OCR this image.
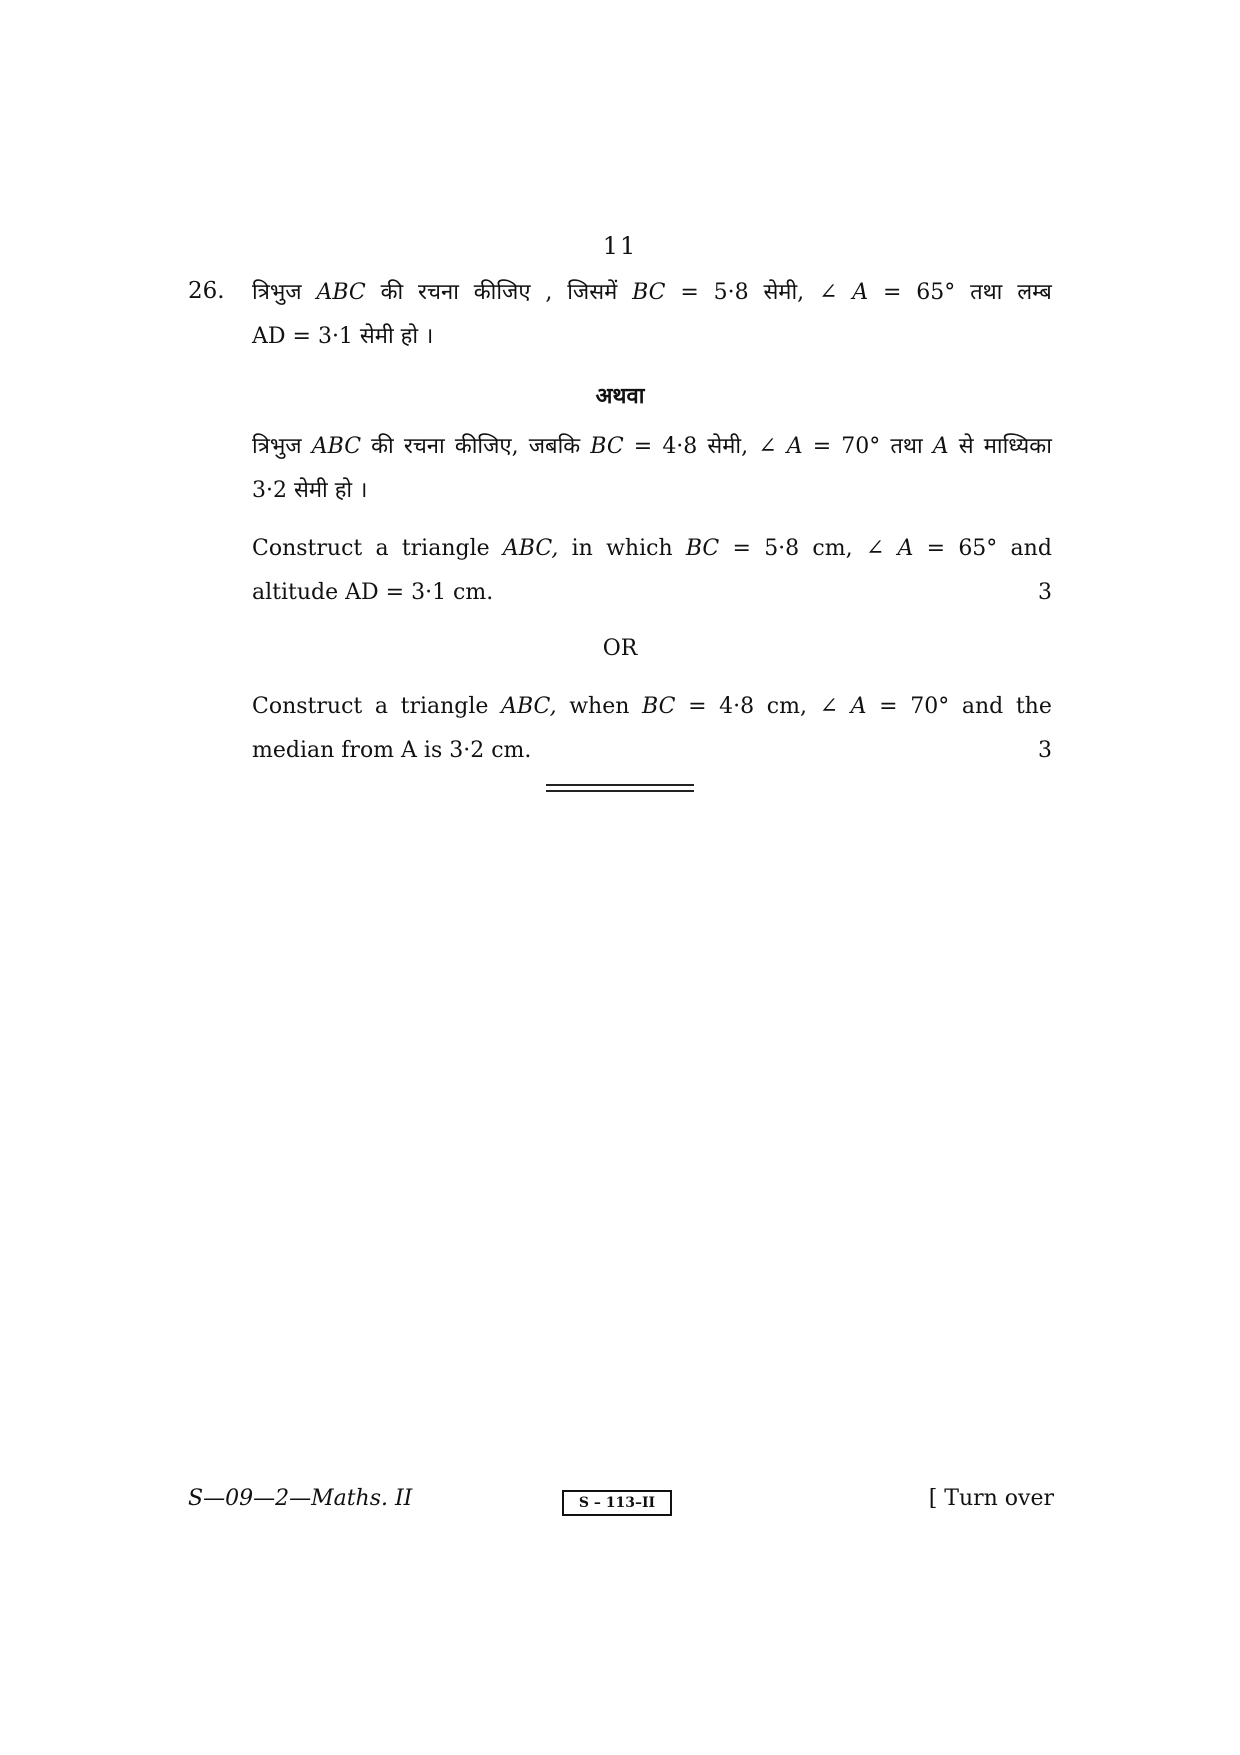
11
26. त्रिभुज ABC की रचना कीजिए , जिसमें BC = 5·8 सेमी, ∠ A = 65° तथा लम्ब
AD = 3·1 सेमी हो ।
अथवा
त्रिभुज ABC की रचना कीजिए, जबकि BC = 4·8 सेमी, ∠ A = 70° तथा A से माध्यिका
3·2 सेमी हो ।
Construct a triangle ABC, in which BC = 5·8 cm, ∠ A = 65° and
altitude AD = 3·1 cm.	3
OR
Construct a triangle ABC, when BC = 4·8 cm, ∠ A = 70° and the
median from A is 3·2 cm.	3
S—09—2—Maths. II	S – 113–II	[ Turn over
